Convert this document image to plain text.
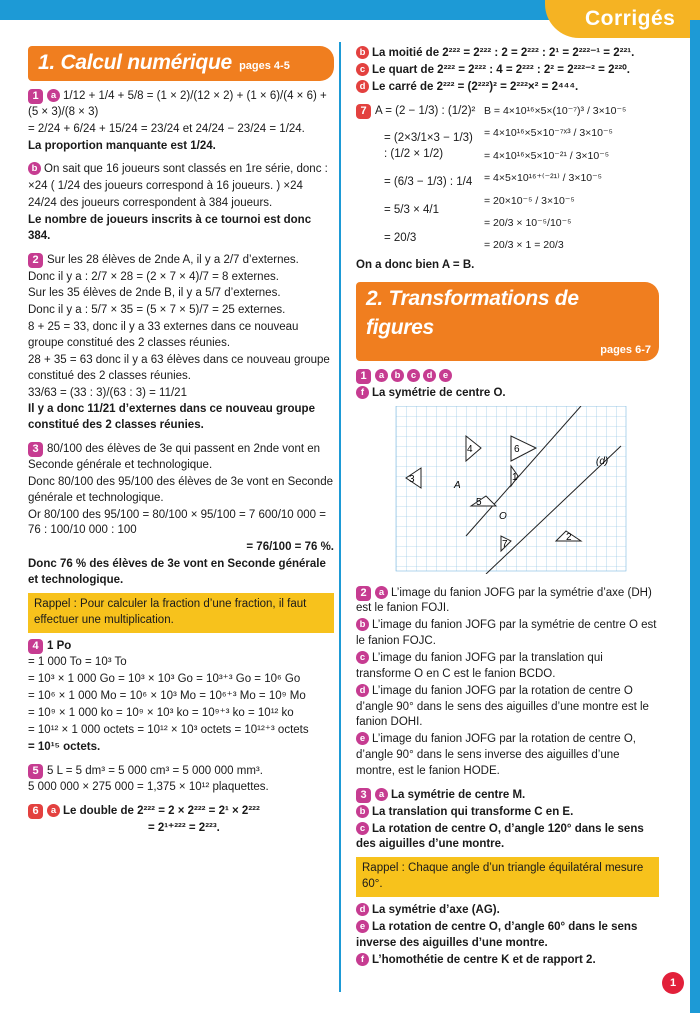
Corrigés
1. Calcul numérique pages 4-5
1 a 1/12 + 1/4 + 5/8 = (1 × 2)/(12 × 2) + (1 × 6)/(4 × 6) + (5 × 3)/(8 × 3)
= 2/24 + 6/24 + 15/24 = 23/24 et 24/24 − 23/24 = 1/24.
La proportion manquante est 1/24.
b On sait que 16 joueurs sont classés en 1re série, donc :
×24 ( 1/24 des joueurs correspond à 16 joueurs. ) ×24
24/24 des joueurs correspondent à 384 joueurs.
Le nombre de joueurs inscrits à ce tournoi est donc 384.
2 Sur les 28 élèves de 2nde A, il y a 2/7 d’externes.
Donc il y a : 2/7 × 28 = (2 × 7 × 4)/7 = 8 externes.
Sur les 35 élèves de 2nde B, il y a 5/7 d’externes.
Donc il y a : 5/7 × 35 = (5 × 7 × 5)/7 = 25 externes.
8 + 25 = 33, donc il y a 33 externes dans ce nouveau groupe constitué des 2 classes réunies.
28 + 35 = 63 donc il y a 63 élèves dans ce nouveau groupe constitué des 2 classes réunies.
33/63 = (33 : 3)/(63 : 3) = 11/21
Il y a donc 11/21 d’externes dans ce nouveau groupe constitué des 2 classes réunies.
3 80/100 des élèves de 3e qui passent en 2nde vont en Seconde générale et technologique.
Donc 80/100 des 95/100 des élèves de 3e vont en Seconde générale et technologique.
Or 80/100 des 95/100 = 80/100 × 95/100 = 7 600/10 000 = 76 : 100/10 000 : 100
= 76/100 = 76 %.
Donc 76 % des élèves de 3e vont en Seconde générale et technologique.
Rappel : Pour calculer la fraction d’une fraction, il faut effectuer une multiplication.
4 1 Po
= 1 000 To = 10³ To
= 10³ × 1 000 Go = 10³ × 10³ Go = 10³⁺³ Go = 10⁶ Go
= 10⁶ × 1 000 Mo = 10⁶ × 10³ Mo = 10⁶⁺³ Mo = 10⁹ Mo
= 10⁹ × 1 000 ko = 10⁹ × 10³ ko = 10⁹⁺³ ko = 10¹² ko
= 10¹² × 1 000 octets = 10¹² × 10³ octets = 10¹²⁺³ octets
= 10¹⁵ octets.
5 5 L = 5 dm³ = 5 000 cm³ = 5 000 000 mm³.
5 000 000 × 275 000 = 1,375 × 10¹² plaquettes.
6 a Le double de 2²²² = 2 × 2²²² = 2¹ × 2²²²
= 2¹⁺²²² = 2²²³.
b La moitié de 2²²² = 2²²² : 2 = 2²²² : 2¹ = 2²²²⁻¹ = 2²²¹.
c Le quart de 2²²² = 2²²² : 4 = 2²²² : 2² = 2²²²⁻² = 2²²⁰.
d Le carré de 2²²² = (2²²²)² = 2²²²×² = 2⁴⁴⁴.
7 A = (2 − 1/3) : (1/2)²
= (2×3/1×3 − 1/3) : (1/2 × 1/2)
= (6/3 − 1/3) : 1/4
= 5/3 × 4/1
= 20/3
B = 4×10¹⁶×5×(10⁻⁷)³ / 3×10⁻⁵
= 4×10¹⁶×5×10⁻⁷ˣ³ / 3×10⁻⁵
= 4×10¹⁶×5×10⁻²¹ / 3×10⁻⁵
= 4×5×10¹⁶⁺⁽⁻²¹⁾ / 3×10⁻⁵
= 20×10⁻⁵ / 3×10⁻⁵
= 20/3 × 10⁻⁵/10⁻⁵
= 20/3 × 1 = 20/3
On a donc bien A = B.
2. Transformations de figures
pages 6-7
1 a b c d e
f La symétrie de centre O.
3
4	6
1
5
7
2
A
O
(d)
2 a L’image du fanion JOFG par la symétrie d’axe (DH) est le fanion FOJI.
b L’image du fanion JOFG par la symétrie de centre O est le fanion FOJC.
c L’image du fanion JOFG par la translation qui transforme O en C est le fanion BCDO.
d L’image du fanion JOFG par la rotation de centre O d’angle 90° dans le sens des aiguilles d’une montre est le fanion DOHI.
e L’image du fanion JOFG par la rotation de centre O, d’angle 90° dans le sens inverse des aiguilles d’une montre, est le fanion HODE.
3 a La symétrie de centre M.
b La translation qui transforme C en E.
c La rotation de centre O, d’angle 120° dans le sens des aiguilles d’une montre.
Rappel : Chaque angle d’un triangle équilatéral mesure 60°.
d La symétrie d’axe (AG).
e La rotation de centre O, d’angle 60° dans le sens inverse des aiguilles d’une montre.
f L’homothétie de centre K et de rapport 2.
1
